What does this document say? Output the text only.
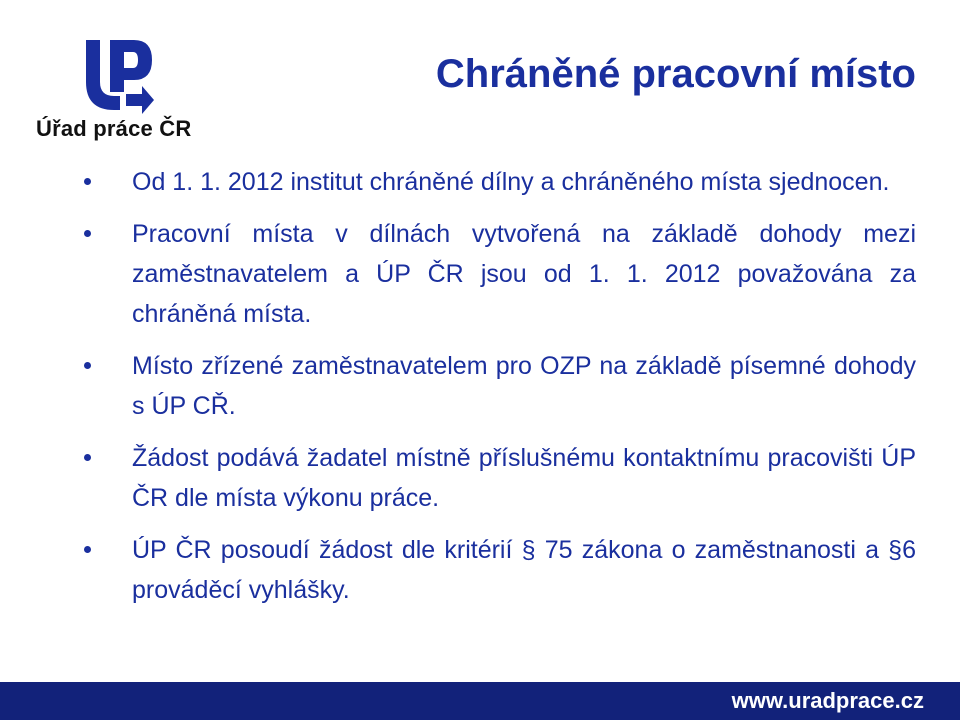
Úřad práce ČR
Chráněné pracovní místo
Od 1. 1. 2012 institut chráněné dílny a chráněného místa sjednocen.
Pracovní místa v dílnách vytvořená na základě dohody mezi zaměstnavatelem a ÚP ČR jsou od 1. 1. 2012 považována za chráněná místa.
Místo zřízené zaměstnavatelem pro OZP na základě písemné dohody s ÚP CŘ.
Žádost podává žadatel místně příslušnému kontaktnímu pracovišti ÚP ČR dle místa výkonu práce.
ÚP ČR posoudí žádost dle kritérií § 75 zákona o zaměstnanosti a §6 prováděcí vyhlášky.
www.uradprace.cz
